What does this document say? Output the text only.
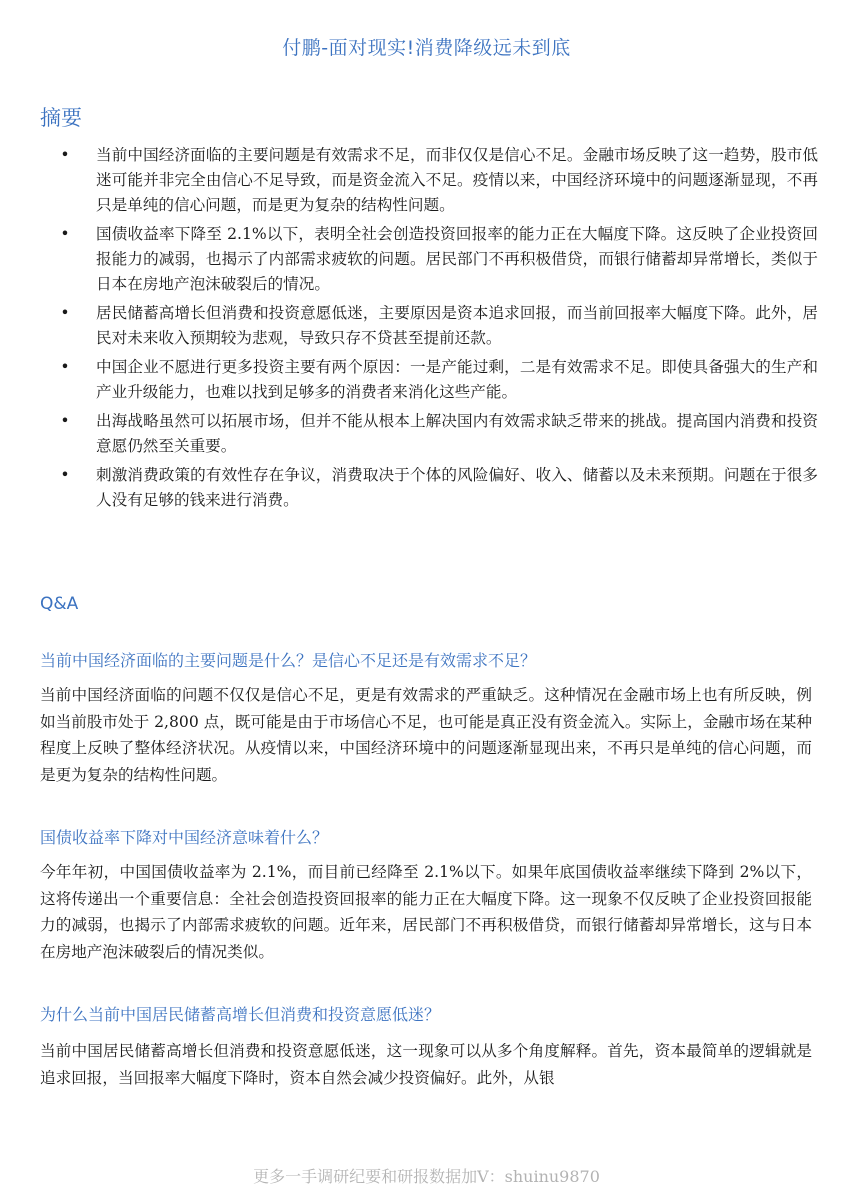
付鹏-面对现实!消费降级远未到底
摘要
• 当前中国经济面临的主要问题是有效需求不足，而非仅仅是信心不足。金融市场反映了这一趋势，股市低迷可能并非完全由信心不足导致，而是资金流入不足。疫情以来，中国经济环境中的问题逐渐显现，不再只是单纯的信心问题，而是更为复杂的结构性问题。
• 国债收益率下降至 2.1%以下，表明全社会创造投资回报率的能力正在大幅度下降。这反映了企业投资回报能力的减弱，也揭示了内部需求疲软的问题。居民部门不再积极借贷，而银行储蓄却异常增长，类似于日本在房地产泡沫破裂后的情况。
• 居民储蓄高增长但消费和投资意愿低迷，主要原因是资本追求回报，而当前回报率大幅度下降。此外，居民对未来收入预期较为悲观，导致只存不贷甚至提前还款。
• 中国企业不愿进行更多投资主要有两个原因：一是产能过剩，二是有效需求不足。即使具备强大的生产和产业升级能力，也难以找到足够多的消费者来消化这些产能。
• 出海战略虽然可以拓展市场，但并不能从根本上解决国内有效需求缺乏带来的挑战。提高国内消费和投资意愿仍然至关重要。
• 刺激消费政策的有效性存在争议，消费取决于个体的风险偏好、收入、储蓄以及未来预期。问题在于很多人没有足够的钱来进行消费。
Q&A
当前中国经济面临的主要问题是什么？是信心不足还是有效需求不足？
当前中国经济面临的问题不仅仅是信心不足，更是有效需求的严重缺乏。这种情况在金融市场上也有所反映，例如当前股市处于 2,800 点，既可能是由于市场信心不足，也可能是真正没有资金流入。实际上，金融市场在某种程度上反映了整体经济状况。从疫情以来，中国经济环境中的问题逐渐显现出来，不再只是单纯的信心问题，而是更为复杂的结构性问题。
国债收益率下降对中国经济意味着什么？
今年年初，中国国债收益率为 2.1%，而目前已经降至 2.1%以下。如果年底国债收益率继续下降到 2%以下，这将传递出一个重要信息：全社会创造投资回报率的能力正在大幅度下降。这一现象不仅反映了企业投资回报能力的减弱，也揭示了内部需求疲软的问题。近年来，居民部门不再积极借贷，而银行储蓄却异常增长，这与日本在房地产泡沫破裂后的情况类似。
为什么当前中国居民储蓄高增长但消费和投资意愿低迷？
当前中国居民储蓄高增长但消费和投资意愿低迷，这一现象可以从多个角度解释。首先，资本最简单的逻辑就是追求回报，当回报率大幅度下降时，资本自然会减少投资偏好。此外，从银
更多一手调研纪要和研报数据加V：shuinu9870
